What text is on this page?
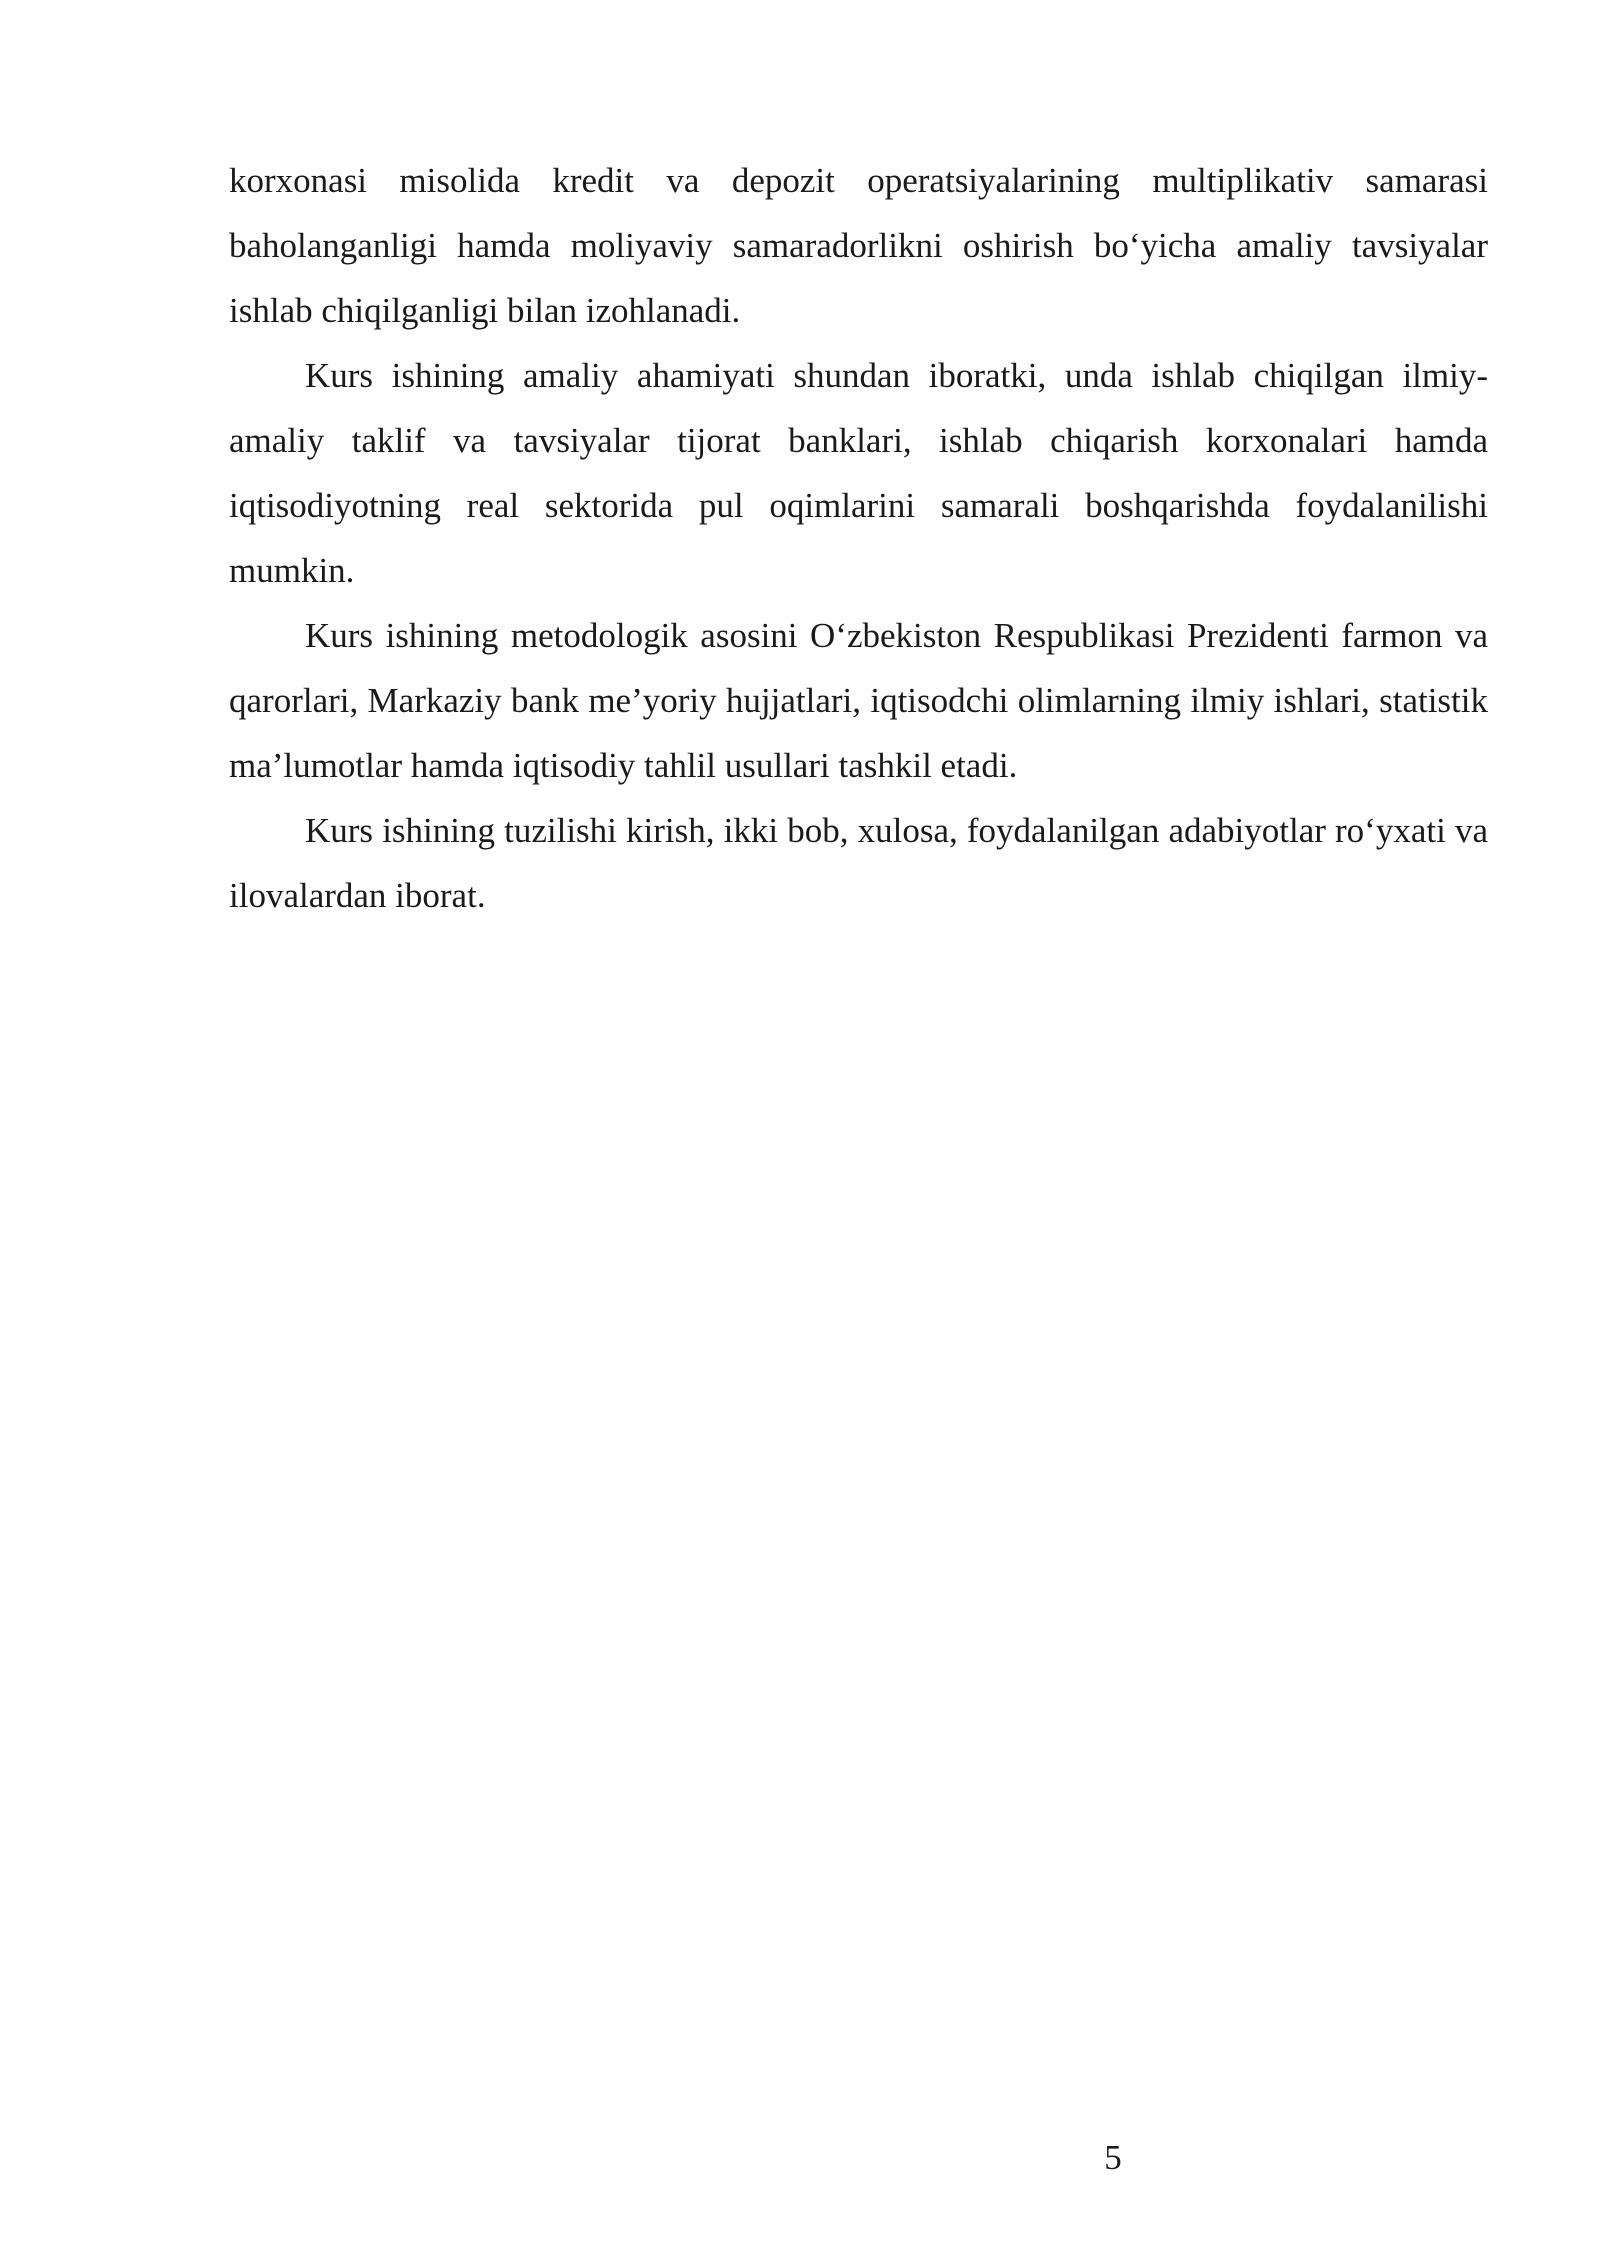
korxonasi misolida kredit va depozit operatsiyalarining multiplikativ samarasi baholanganligi hamda moliyaviy samaradorlikni oshirish bo‘yicha amaliy tavsiyalar ishlab chiqilganligi bilan izohlanadi.

Kurs ishining amaliy ahamiyati shundan iboratki, unda ishlab chiqilgan ilmiy-amaliy taklif va tavsiyalar tijorat banklari, ishlab chiqarish korxonalari hamda iqtisodiyotning real sektorida pul oqimlarini samarali boshqarishda foydalanilishi mumkin.

Kurs ishining metodologik asosini O‘zbekiston Respublikasi Prezidenti farmon va qarorlari, Markaziy bank me’yoriy hujjatlari, iqtisodchi olimlarning ilmiy ishlari, statistik ma’lumotlar hamda iqtisodiy tahlil usullari tashkil etadi.

Kurs ishining tuzilishi kirish, ikki bob, xulosa, foydalanilgan adabiyotlar ro‘yxati va ilovalardan iborat.

5
